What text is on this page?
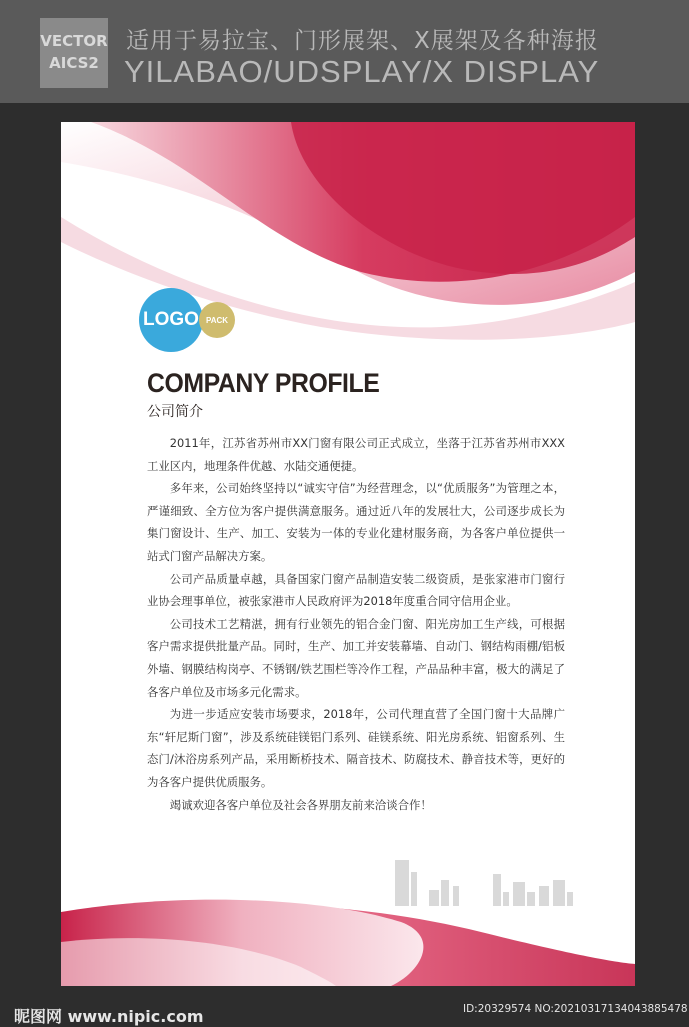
VECTOR
AICS2
适用于易拉宝、门形展架、X展架及各种海报
YILABAO/UDSPLAY/X DISPLAY
LOGO PACK
COMPANY PROFILE
公司简介

2011年，江苏省苏州市XX门窗有限公司正式成立，坐落于江苏省苏州市XXX工业区内，地理条件优越、水陆交通便捷。

多年来，公司始终坚持以“诚实守信”为经营理念，以“优质服务”为管理之本，严谨细致、全方位为客户提供满意服务。通过近八年的发展壮大，公司逐步成长为集门窗设计、生产、加工、安装为一体的专业化建材服务商，为各客户单位提供一站式门窗产品解决方案。

公司产品质量卓越，具备国家门窗产品制造安装二级资质，是张家港市门窗行业协会理事单位，被张家港市人民政府评为2018年度重合同守信用企业。

公司技术工艺精湛，拥有行业领先的铝合金门窗、阳光房加工生产线，可根据客户需求提供批量产品。同时，生产、加工并安装幕墙、自动门、钢结构雨棚/铝板外墙、钢膜结构岗亭、不锈钢/铁艺围栏等冷作工程，产品品种丰富，极大的满足了各客户单位及市场多元化需求。

为进一步适应安装市场要求，2018年，公司代理直营了全国门窗十大品牌广东“轩尼斯门窗”，涉及系统硅镁铝门系列、硅镁系统、阳光房系统、铝窗系列、生态门/沐浴房系列产品，采用断桥技术、隔音技术、防腐技术、静音技术等，更好的为各客户提供优质服务。

竭诚欢迎各客户单位及社会各界朋友前来洽谈合作！

昵图网 www.nipic.com	ID:20329574 NO:20210317134043885478
